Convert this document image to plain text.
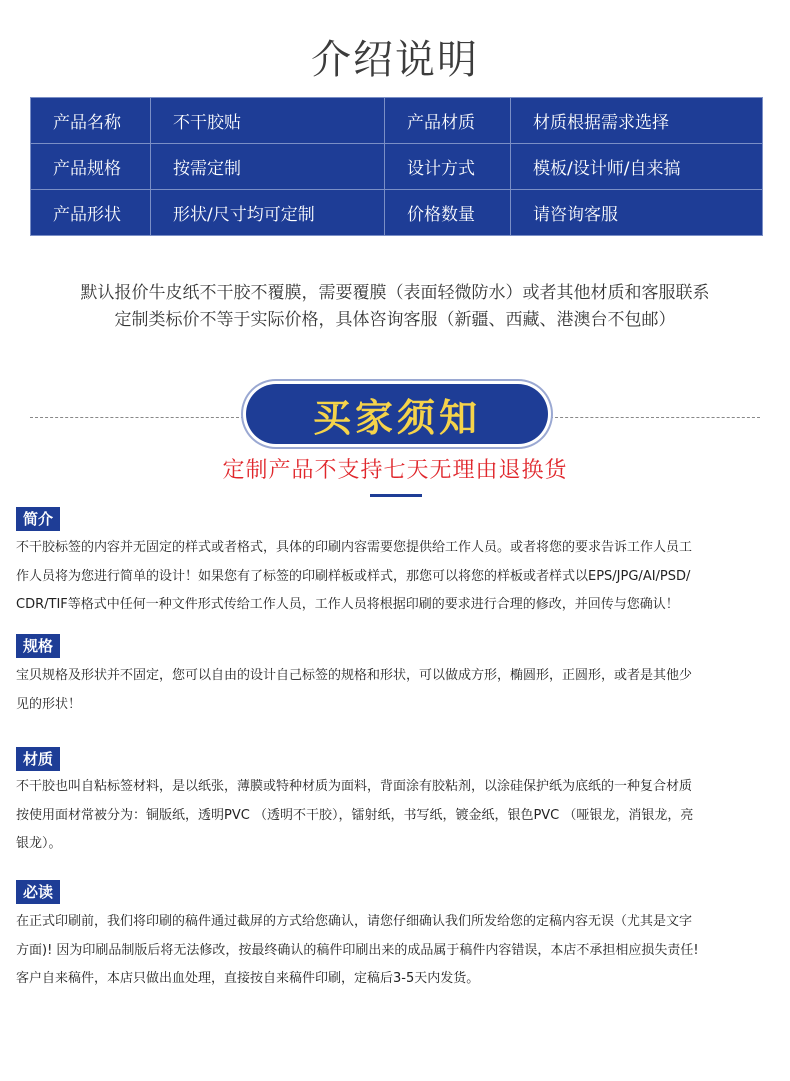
介绍说明
产品名称	不干胶贴	产品材质	材质根据需求选择
产品规格	按需定制	设计方式	模板/设计师/自来搞
产品形状	形状/尺寸均可定制	价格数量	请咨询客服
默认报价牛皮纸不干胶不覆膜，需要覆膜（表面轻微防水）或者其他材质和客服联系
定制类标价不等于实际价格，具体咨询客服（新疆、西藏、港澳台不包邮）
买家须知
定制产品不支持七天无理由退换货
简介
不干胶标签的内容并无固定的样式或者格式，具体的印刷内容需要您提供给工作人员。或者将您的要求告诉工作人员工
作人员将为您进行简单的设计！如果您有了标签的印刷样板或样式，那您可以将您的样板或者样式以EPS/JPG/AI/PSD/
CDR/TIF等格式中任何一种文件形式传给工作人员，工作人员将根据印刷的要求进行合理的修改，并回传与您确认！
规格
宝贝规格及形状并不固定，您可以自由的设计自己标签的规格和形状，可以做成方形，椭圆形，正圆形，或者是其他少
见的形状！
材质
不干胶也叫自粘标签材料，是以纸张，薄膜或特种材质为面料，背面涂有胶粘剂，以涂硅保护纸为底纸的一种复合材质
按使用面材常被分为：铜版纸，透明PVC （透明不干胶），镭射纸，书写纸，镀金纸，银色PVC （哑银龙，消银龙，亮
银龙）。
必读
在正式印刷前，我们将印刷的稿件通过截屏的方式给您确认，请您仔细确认我们所发给您的定稿内容无误（尤其是文字
方面)! 因为印刷品制版后将无法修改，按最终确认的稿件印刷出来的成品属于稿件内容错误，本店不承担相应损失责任!
客户自来稿件，本店只做出血处理，直接按自来稿件印刷，定稿后3-5天内发货。
